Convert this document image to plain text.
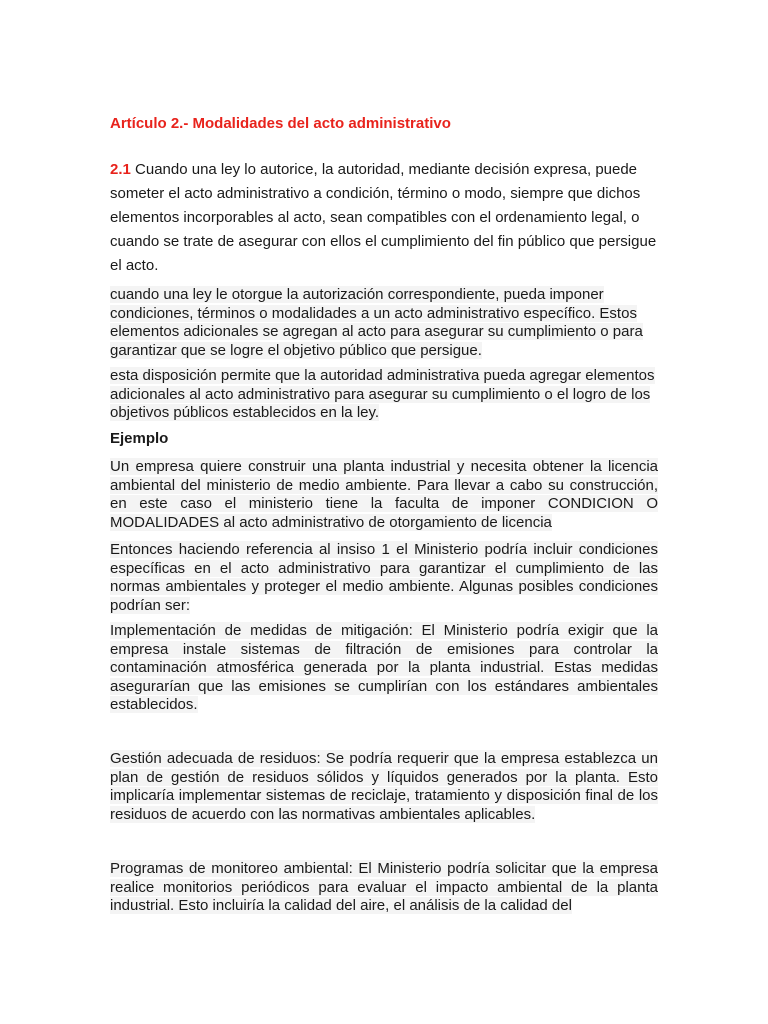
Artículo 2.- Modalidades del acto administrativo
2.1 Cuando una ley lo autorice, la autoridad, mediante decisión expresa, puede someter el acto administrativo a condición, término o modo, siempre que dichos elementos incorporables al acto, sean compatibles con el ordenamiento legal, o cuando se trate de asegurar con ellos el cumplimiento del fin público que persigue el acto.
cuando una ley le otorgue la autorización correspondiente, pueda imponer condiciones, términos o modalidades a un acto administrativo específico. Estos elementos adicionales se agregan al acto para asegurar su cumplimiento o para garantizar que se logre el objetivo público que persigue.
esta disposición permite que la autoridad administrativa pueda agregar elementos adicionales al acto administrativo para asegurar su cumplimiento o el logro de los objetivos públicos establecidos en la ley.
Ejemplo
Un empresa quiere construir una planta industrial y necesita obtener la licencia ambiental del ministerio de medio ambiente. Para llevar a cabo su construcción, en este caso el ministerio tiene la faculta de imponer CONDICION O MODALIDADES al acto administrativo de otorgamiento de licencia
Entonces haciendo referencia al insiso 1 el Ministerio podría incluir condiciones específicas en el acto administrativo para garantizar el cumplimiento de las normas ambientales y proteger el medio ambiente. Algunas posibles condiciones podrían ser:
Implementación de medidas de mitigación: El Ministerio podría exigir que la empresa instale sistemas de filtración de emisiones para controlar la contaminación atmosférica generada por la planta industrial. Estas medidas asegurarían que las emisiones se cumplirían con los estándares ambientales establecidos.
Gestión adecuada de residuos: Se podría requerir que la empresa establezca un plan de gestión de residuos sólidos y líquidos generados por la planta. Esto implicaría implementar sistemas de reciclaje, tratamiento y disposición final de los residuos de acuerdo con las normativas ambientales aplicables.
Programas de monitoreo ambiental: El Ministerio podría solicitar que la empresa realice monitorios periódicos para evaluar el impacto ambiental de la planta industrial. Esto incluiría la calidad del aire, el análisis de la calidad del
